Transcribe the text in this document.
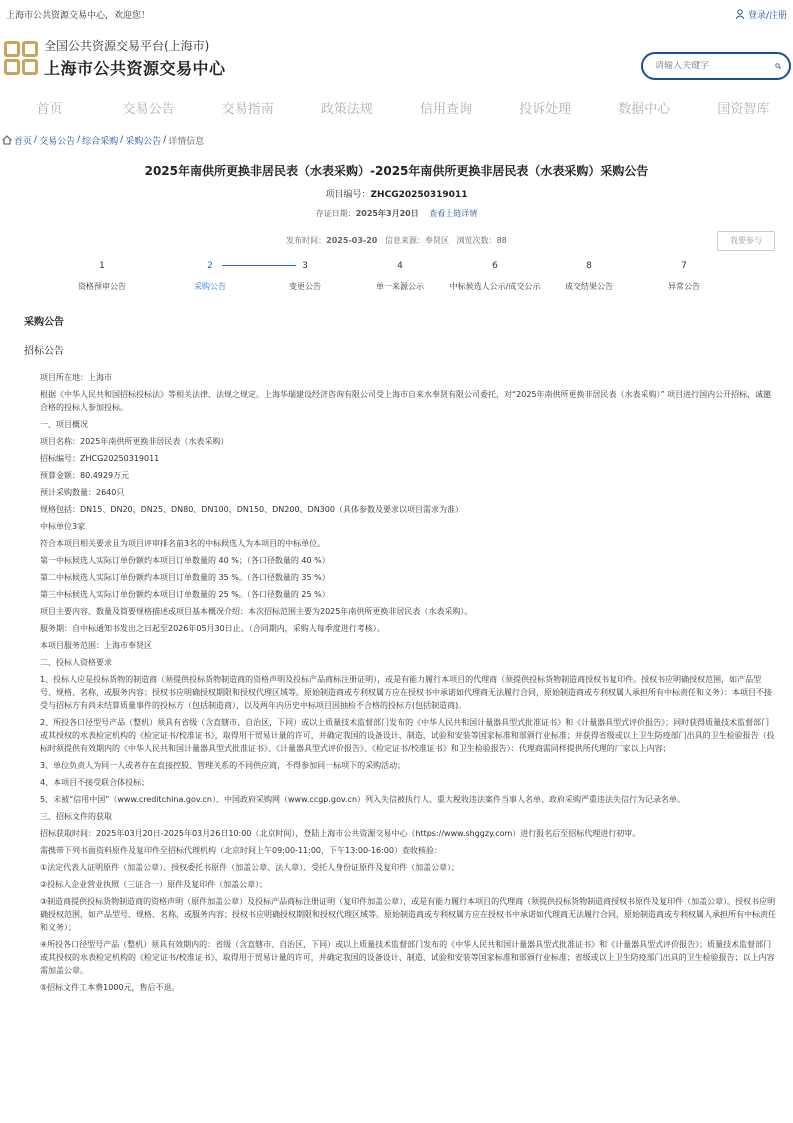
上海市公共资源交易中心，欢迎您！	登录/注册
全国公共资源交易平台(上海市)
上海市公共资源交易中心
请输入关键字
首页	交易公告	交易指南	政策法规	信用查询	投诉处理	数据中心	国资智库
首页 / 交易公告 / 综合采购 / 采购公告 / 详情信息
2025年南供所更换非居民表（水表采购）-2025年南供所更换非居民表（水表采购）采购公告
项目编号：ZHCG20250319011
存证日期：2025年3月20日 查看上链详情
发布时间：2025-03-20 信息来源：奉贤区 浏览次数：88	我要参与
1
资格预审公告
2
采购公告
3
变更公告
4
单一来源公示
6
中标候选人公示/成交公示
8
成交结果公告
7
异常公告
采购公告
招标公告

项目所在地：上海市

根据《中华人民共和国招标投标法》等相关法律、法规之规定。上海华瑞建设经济咨询有限公司受上海市自来水奉贤有限公司委托，对“2025年南供所更换非居民表（水表采购）” 项目进行国内公开招标，诚邀合格的投标人参加投标。

一、项目概况

项目名称：2025年南供所更换非居民表（水表采购）

招标编号：ZHCG20250319011

预算金额：80.4929万元

预计采购数量：2640只

规格包括：DN15、DN20、DN25、DN80、DN100、DN150、DN200、DN300（具体参数及要求以项目需求为准）

中标单位3家

符合本项目相关要求且为项目评审排名前3名的中标候选人为本项目的中标单位。

第一中标候选人实际订单份额约本项目订单数量的 40 %；（各口径数量的 40 %）

第二中标候选人实际订单份额约本项目订单数量的 35 %。（各口径数量的 35 %）

第三中标候选人实际订单份额约本项目订单数量的 25 %。（各口径数量的 25 %）

项目主要内容、数量及简要规格描述或项目基本概况介绍：本次招标范围主要为2025年南供所更换非居民表（水表采购）。

服务期：自中标通知书发出之日起至2026年05月30日止。（合同期内，采购人每季度进行考核）。

本项目服务范围：上海市奉贤区

二、投标人资格要求

1、投标人应是投标货物的制造商（须提供投标货物制造商的资格声明及投标产品商标注册证明），或是有能力履行本项目的代理商（须提供投标货物制造商授权书复印件。授权书应明确授权范围，如产品型号、规格、名称，或服务内容；授权书应明确授权期限和授权代理区域等。原始制造商或专利权属方应在授权书中承诺如代理商无法履行合同，原始制造商或专利权属人承担所有中标责任和义务）：本项目不接受与招标方有尚未结算质量事件的投标方（包括制造商），以及两年内历史中标项目因抽检不合格的投标方(包括制造商)。

2、所投各口径型号产品（整机）须具有省级（含直辖市、自治区，下同）或以上质量技术监督部门发布的《中华人民共和国计量器具型式批准证书》和《计量器具型式评价报告》；同时获得质量技术监督部门或其授权的水表检定机构的《检定证书/校准证书》，取得用于贸易计量的许可，并确定我国的设备设计、制造、试验和安装等国家标准和部颁行业标准；并获得省级或以上卫生防疫部门出具的卫生检验报告（投标时须提供有效期内的《中华人民共和国计量器具型式批准证书》、《计量器具型式评价报告》、《检定证书/校准证书》和卫生检验报告）：代理商需同样提供所代理的厂家以上内容；

3、单位负责人为同一人或者存在直接控股、管理关系的不同供应商，不得参加同一标项下的采购活动；

4、本项目不接受联合体投标；

5、未被“信用中国”（www.creditchina.gov.cn）、中国政府采购网（www.ccgp.gov.cn）列入失信被执行人、重大税收违法案件当事人名单、政府采购严重违法失信行为记录名单。

三、招标文件的获取

招标获取时间：2025年03月20日-2025年03月26日10:00（北京时间），登陆上海市公共资源交易中心（https://www.shggzy.com）进行报名后至招标代理进行初审。

需携带下列书面资料原件及复印件至招标代理机构（北京时间上午09:00-11:00，下午13:00-16:00）查收核验：

①法定代表人证明原件（加盖公章）、授权委托书原件（加盖公章、法人章）、受托人身份证原件及复印件（加盖公章）；

②投标人企业营业执照（三证合一）原件及复印件（加盖公章）；

③制造商提供投标货物制造商的资格声明（原件加盖公章）及投标产品商标注册证明（复印件加盖公章），或是有能力履行本项目的代理商（须提供投标货物制造商授权书原件及复印件（加盖公章）。授权书应明确授权范围，如产品型号、规格、名称，或服务内容；授权书应明确授权期限和授权代理区域等。原始制造商或专利权属方应在授权书中承诺如代理商无法履行合同，原始制造商或专利权属人承担所有中标责任和义务）；

④所投各口径型号产品（整机）须具有效期内的：省级（含直辖市、自治区，下同）或以上质量技术监督部门发布的《中华人民共和国计量器具型式批准证书》和《计量器具型式评价报告》；质量技术监督部门或其授权的水表检定机构的《检定证书/校准证书》，取得用于贸易计量的许可，并确定我国的设备设计、制造、试验和安装等国家标准和部颁行业标准；省级或以上卫生防疫部门出具的卫生检验报告；以上内容需加盖公章。

⑤招标文件工本费1000元，售后不退。
